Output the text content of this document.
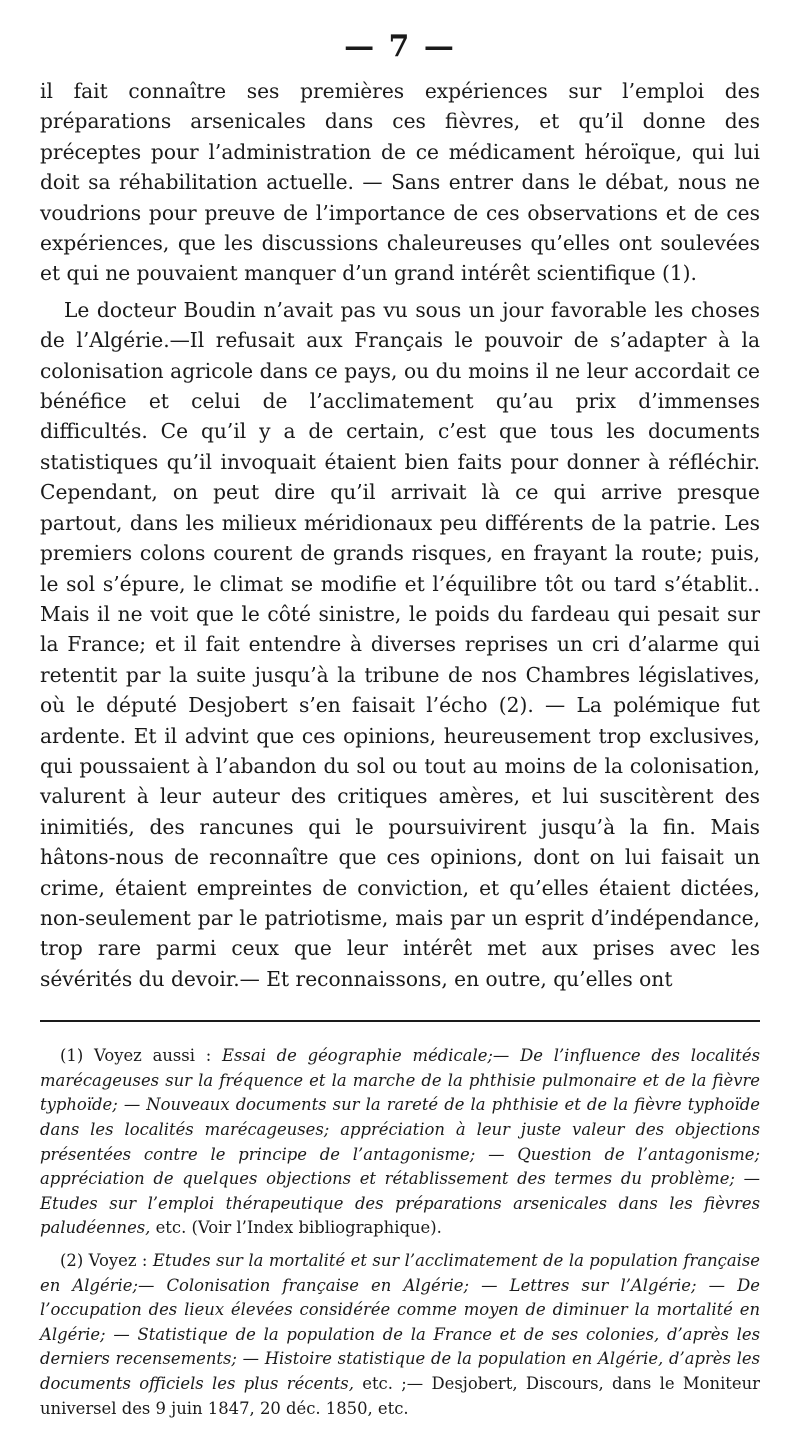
— 7 —

il fait connaître ses premières expériences sur l’emploi des préparations arsenicales dans ces fièvres, et qu’il donne des préceptes pour l’administration de ce médicament héroïque, qui lui doit sa réhabilitation actuelle. — Sans entrer dans le débat, nous ne voudrions pour preuve de l’importance de ces observations et de ces expériences, que les discussions chaleureuses qu’elles ont soulevées et qui ne pouvaient manquer d’un grand intérêt scientifique (1).

Le docteur Boudin n’avait pas vu sous un jour favorable les choses de l’Algérie.—Il refusait aux Français le pouvoir de s’adapter à la colonisation agricole dans ce pays, ou du moins il ne leur accordait ce bénéfice et celui de l’acclimatement qu’au prix d’immenses difficultés. Ce qu’il y a de certain, c’est que tous les documents statistiques qu’il invoquait étaient bien faits pour donner à réfléchir. Cependant, on peut dire qu’il arrivait là ce qui arrive presque partout, dans les milieux méridionaux peu différents de la patrie. Les premiers colons courent de grands risques, en frayant la route; puis, le sol s’épure, le climat se modifie et l’équilibre tôt ou tard s’établit.. Mais il ne voit que le côté sinistre, le poids du fardeau qui pesait sur la France; et il fait entendre à diverses reprises un cri d’alarme qui retentit par la suite jusqu’à la tribune de nos Chambres législatives, où le député Desjobert s’en faisait l’écho (2). — La polémique fut ardente. Et il advint que ces opinions, heureusement trop exclusives, qui poussaient à l’abandon du sol ou tout au moins de la colonisation, valurent à leur auteur des critiques amères, et lui suscitèrent des inimitiés, des rancunes qui le poursuivirent jusqu’à la fin. Mais hâtons-nous de reconnaître que ces opinions, dont on lui faisait un crime, étaient empreintes de conviction, et qu’elles étaient dictées, non-seulement par le patriotisme, mais par un esprit d’indépendance, trop rare parmi ceux que leur intérêt met aux prises avec les sévérités du devoir.— Et reconnaissons, en outre, qu’elles ont

(1) Voyez aussi : Essai de géographie médicale;— De l’influence des localités marécageuses sur la fréquence et la marche de la phthisie pulmonaire et de la fièvre typhoïde; — Nouveaux documents sur la rareté de la phthisie et de la fièvre typhoïde dans les localités marécageuses; appréciation à leur juste valeur des objections présentées contre le principe de l’antagonisme; — Question de l’antagonisme; appréciation de quelques objections et rétablissement des termes du problème; — Etudes sur l’emploi thérapeutique des préparations arsenicales dans les fièvres paludéennes, etc. (Voir l’Index bibliographique).

(2) Voyez : Etudes sur la mortalité et sur l’acclimatement de la population française en Algérie;— Colonisation française en Algérie; — Lettres sur l’Algérie; — De l’occupation des lieux élevées considérée comme moyen de diminuer la mortalité en Algérie; — Statistique de la population de la France et de ses colonies, d’après les derniers recensements; — Histoire statistique de la population en Algérie, d’après les documents officiels les plus récents, etc. ;— Desjobert, Discours, dans le Moniteur universel des 9 juin 1847, 20 déc. 1850, etc.
